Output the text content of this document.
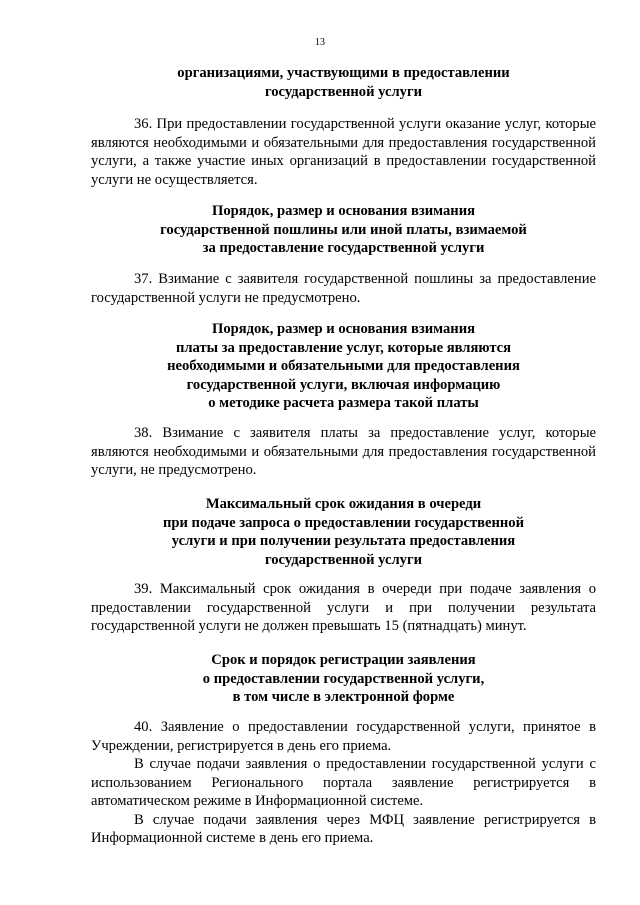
13
организациями, участвующими в предоставлении
государственной услуги

36. При предоставлении государственной услуги оказание услуг, которые являются необходимыми и обязательными для предоставления государственной услуги, а также участие иных организаций в предоставлении государственной услуги не осуществляется.

Порядок, размер и основания взимания
государственной пошлины или иной платы, взимаемой
за предоставление государственной услуги

37. Взимание с заявителя государственной пошлины за предоставление государственной услуги не предусмотрено.

Порядок, размер и основания взимания
платы за предоставление услуг, которые являются
необходимыми и обязательными для предоставления
государственной услуги, включая информацию
о методике расчета размера такой платы

38. Взимание с заявителя платы за предоставление услуг, которые являются необходимыми и обязательными для предоставления государственной услуги, не предусмотрено.

Максимальный срок ожидания в очереди
при подаче запроса о предоставлении государственной
услуги и при получении результата предоставления
государственной услуги

39. Максимальный срок ожидания в очереди при подаче заявления о предоставлении государственной услуги и при получении результата государственной услуги не должен превышать 15 (пятнадцать) минут.

Срок и порядок регистрации заявления
о предоставлении государственной услуги,
в том числе в электронной форме

40. Заявление о предоставлении государственной услуги, принятое в Учреждении, регистрируется в день его приема.

В случае подачи заявления о предоставлении государственной услуги с использованием Регионального портала заявление регистрируется в автоматическом режиме в Информационной системе.

В случае подачи заявления через МФЦ заявление регистрируется в Информационной системе в день его приема.
